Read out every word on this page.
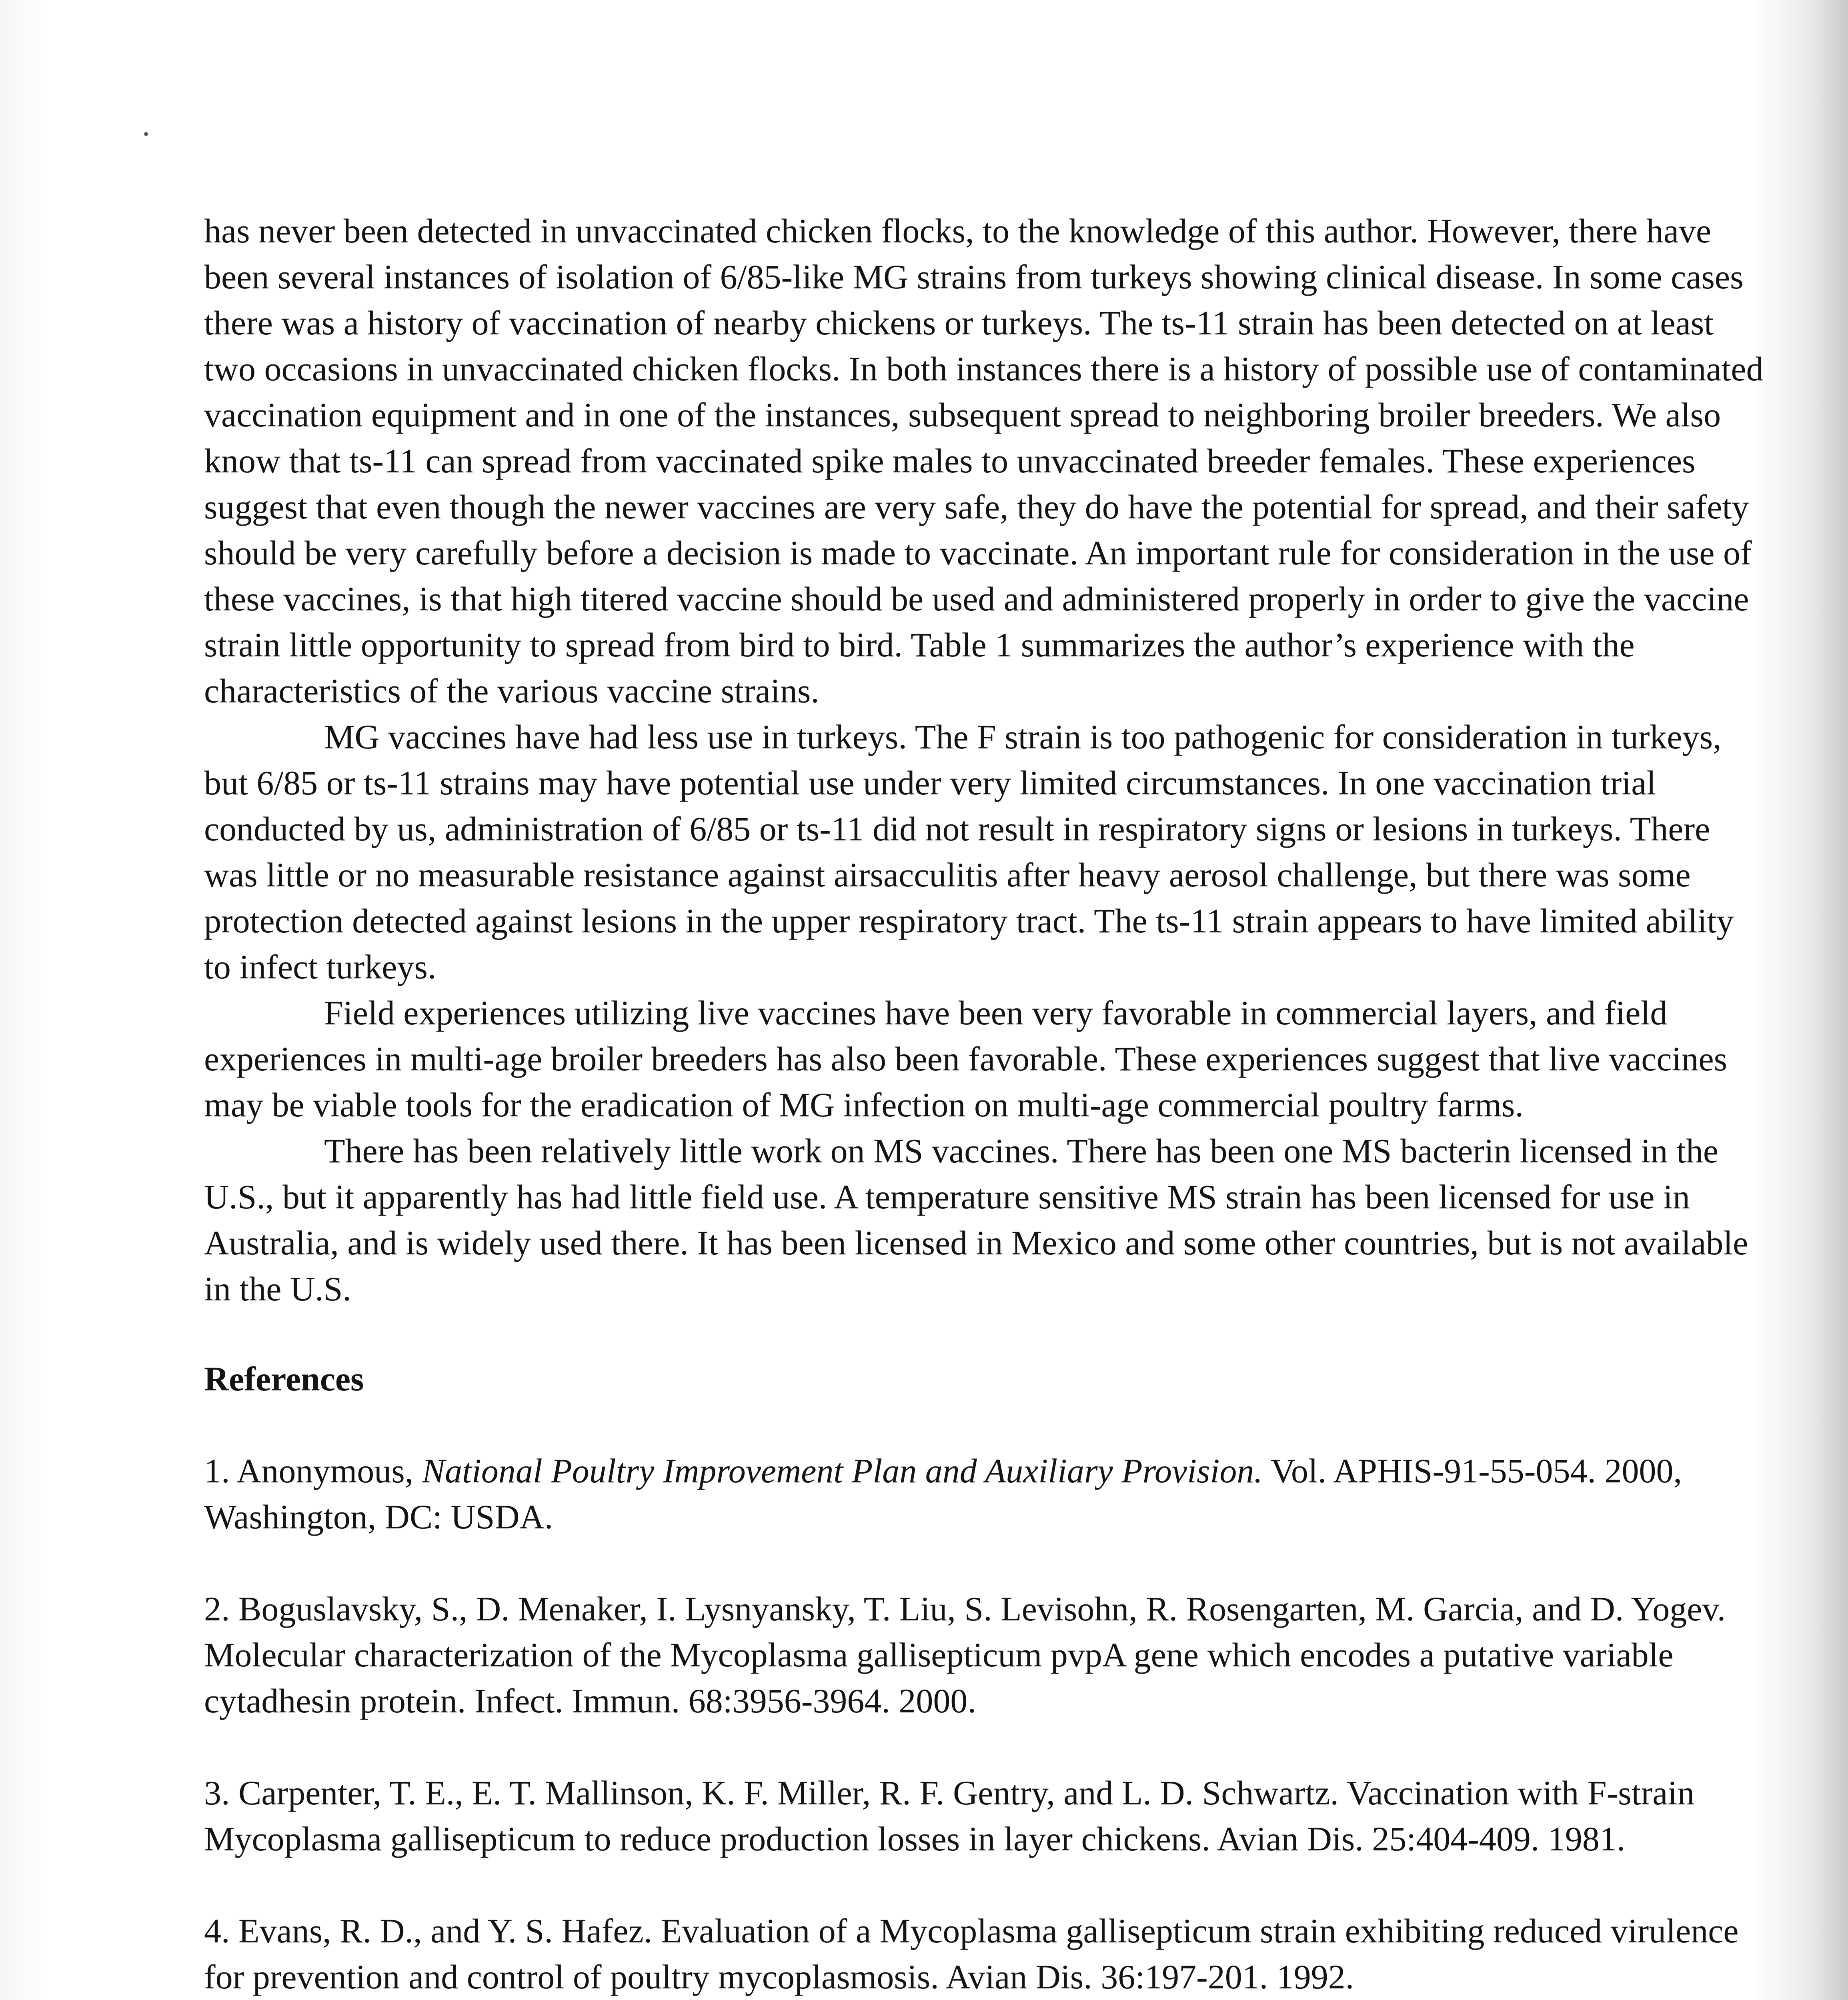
has never been detected in unvaccinated chicken flocks, to the knowledge of this author. However, there have been several instances of isolation of 6/85-like MG strains from turkeys showing clinical disease. In some cases there was a history of vaccination of nearby chickens or turkeys. The ts-11 strain has been detected on at least two occasions in unvaccinated chicken flocks. In both instances there is a history of possible use of contaminated vaccination equipment and in one of the instances, subsequent spread to neighboring broiler breeders. We also know that ts-11 can spread from vaccinated spike males to unvaccinated breeder females. These experiences suggest that even though the newer vaccines are very safe, they do have the potential for spread, and their safety should be very carefully before a decision is made to vaccinate. An important rule for consideration in the use of these vaccines, is that high titered vaccine should be used and administered properly in order to give the vaccine strain little opportunity to spread from bird to bird. Table 1 summarizes the author’s experience with the characteristics of the various vaccine strains.

MG vaccines have had less use in turkeys. The F strain is too pathogenic for consideration in turkeys, but 6/85 or ts-11 strains may have potential use under very limited circumstances. In one vaccination trial conducted by us, administration of 6/85 or ts-11 did not result in respiratory signs or lesions in turkeys. There was little or no measurable resistance against airsacculitis after heavy aerosol challenge, but there was some protection detected against lesions in the upper respiratory tract. The ts-11 strain appears to have limited ability to infect turkeys.

Field experiences utilizing live vaccines have been very favorable in commercial layers, and field experiences in multi-age broiler breeders has also been favorable. These experiences suggest that live vaccines may be viable tools for the eradication of MG infection on multi-age commercial poultry farms.

There has been relatively little work on MS vaccines. There has been one MS bacterin licensed in the U.S., but it apparently has had little field use. A temperature sensitive MS strain has been licensed for use in Australia, and is widely used there. It has been licensed in Mexico and some other countries, but is not available in the U.S.

References
1. Anonymous, National Poultry Improvement Plan and Auxiliary Provision. Vol. APHIS-91-55-054. 2000, Washington, DC: USDA.
2. Boguslavsky, S., D. Menaker, I. Lysnyansky, T. Liu, S. Levisohn, R. Rosengarten, M. Garcia, and D. Yogev. Molecular characterization of the Mycoplasma gallisepticum pvpA gene which encodes a putative variable cytadhesin protein. Infect. Immun. 68:3956-3964. 2000.
3. Carpenter, T. E., E. T. Mallinson, K. F. Miller, R. F. Gentry, and L. D. Schwartz. Vaccination with F-strain Mycoplasma gallisepticum to reduce production losses in layer chickens. Avian Dis. 25:404-409. 1981.
4. Evans, R. D., and Y. S. Hafez. Evaluation of a Mycoplasma gallisepticum strain exhibiting reduced virulence for prevention and control of poultry mycoplasmosis. Avian Dis. 36:197-201. 1992.
